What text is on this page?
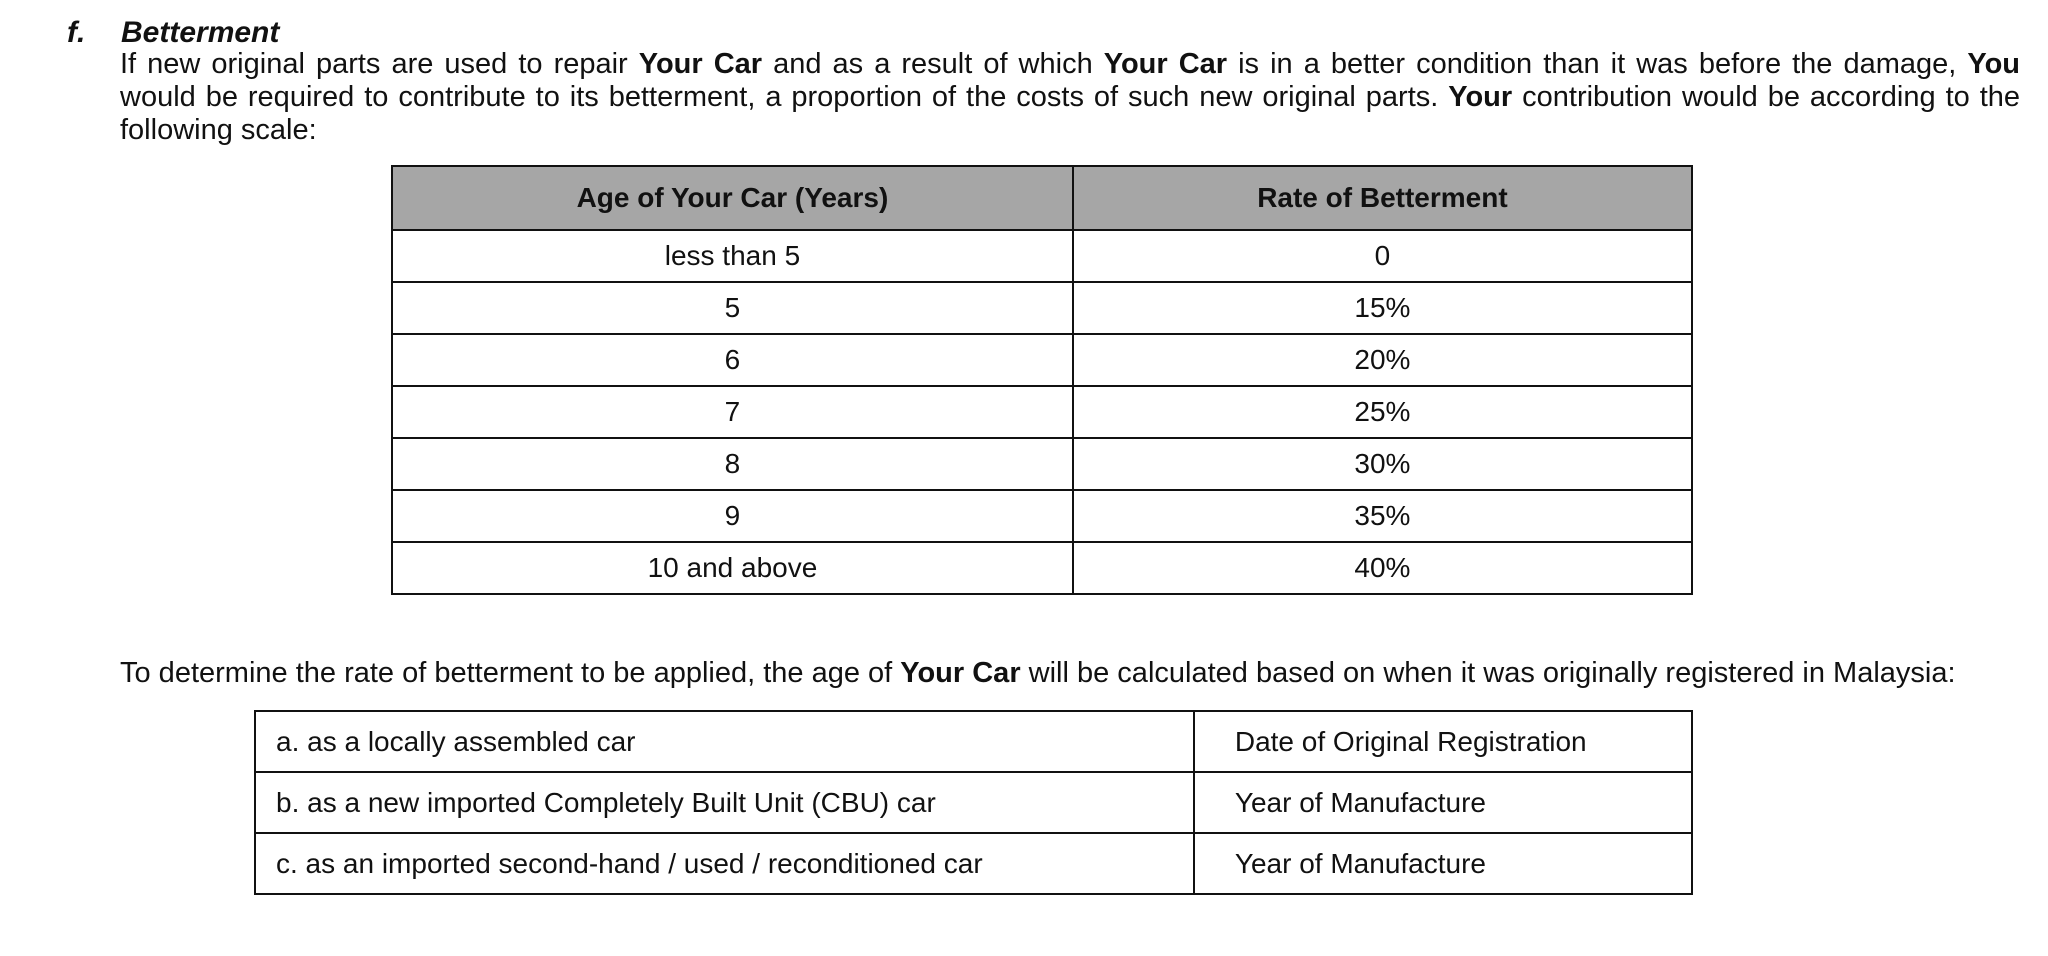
f. Betterment
If new original parts are used to repair Your Car and as a result of which Your Car is in a better condition than it was before the damage, You
would be required to contribute to its betterment, a proportion of the costs of such new original parts. Your contribution would be according to the
following scale:
Age of Your Car (Years)	Rate of Betterment
less than 5	0
5	15%
6	20%
7	25%
8	30%
9	35%
10 and above	40%
To determine the rate of betterment to be applied, the age of Your Car will be calculated based on when it was originally registered in Malaysia:
a. as a locally assembled car	Date of Original Registration
b. as a new imported Completely Built Unit (CBU) car	Year of Manufacture
c. as an imported second-hand / used / reconditioned car	Year of Manufacture
